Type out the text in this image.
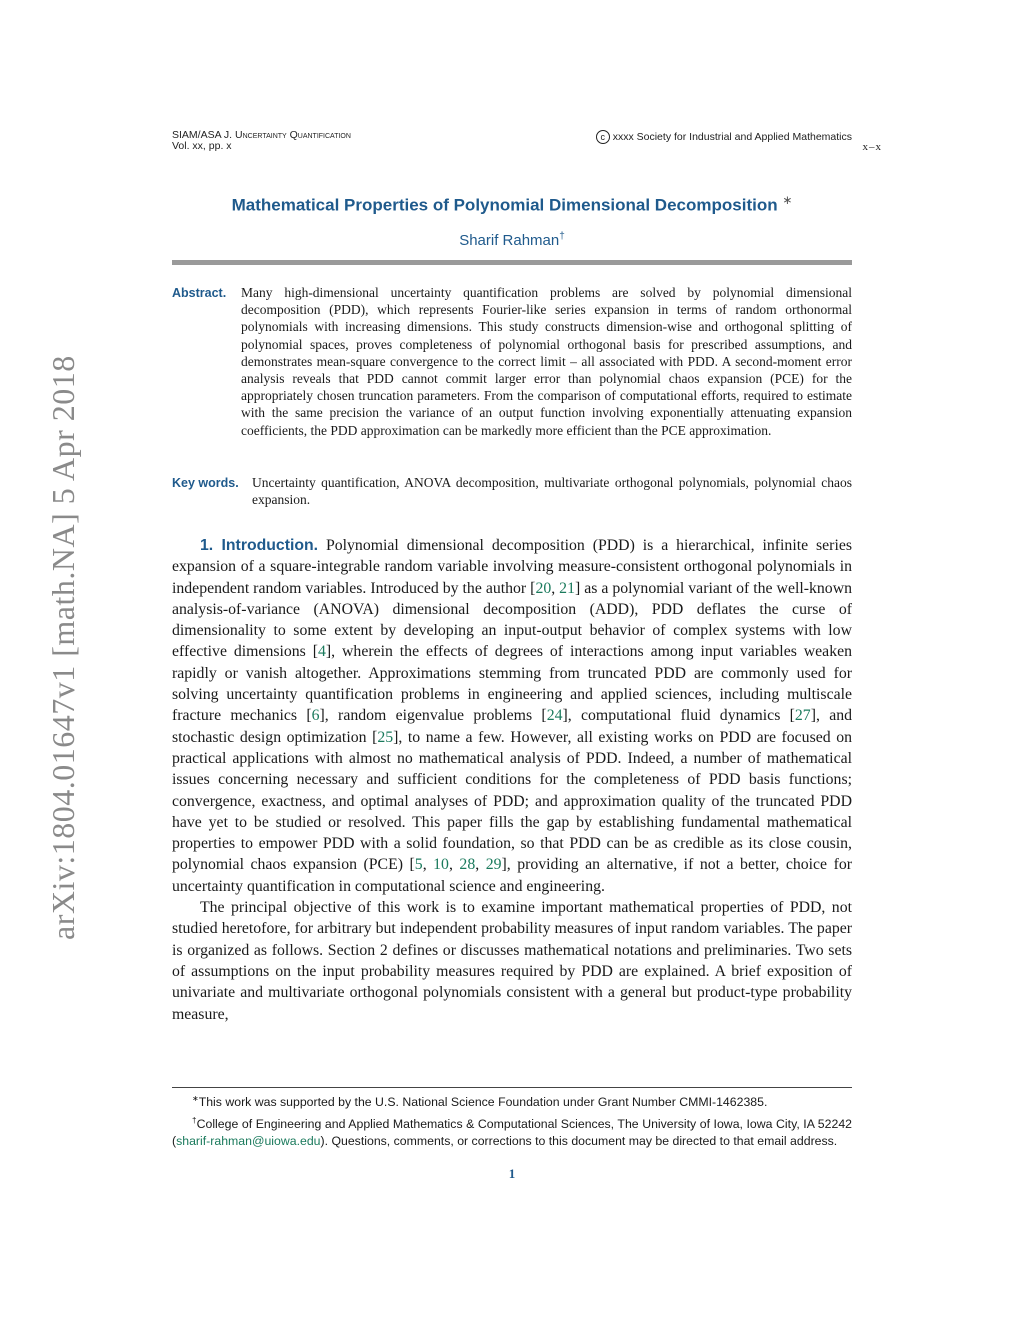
arXiv:1804.01647v1 [math.NA] 5 Apr 2018
SIAM/ASA J. Uncertainty Quantification
Vol. xx, pp. x
c xxxx Society for Industrial and Applied Mathematics
x–x
Mathematical Properties of Polynomial Dimensional Decomposition ∗
Sharif Rahman†
Abstract. Many high-dimensional uncertainty quantification problems are solved by polynomial dimensional decomposition (PDD), which represents Fourier-like series expansion in terms of random orthonormal polynomials with increasing dimensions. This study constructs dimension-wise and orthogonal splitting of polynomial spaces, proves completeness of polynomial orthogonal basis for prescribed assumptions, and demonstrates mean-square convergence to the correct limit – all associated with PDD. A second-moment error analysis reveals that PDD cannot commit larger error than polynomial chaos expansion (PCE) for the appropriately chosen truncation parameters. From the comparison of computational efforts, required to estimate with the same precision the variance of an output function involving exponentially attenuating expansion coefficients, the PDD approximation can be markedly more efficient than the PCE approximation.
Key words. Uncertainty quantification, ANOVA decomposition, multivariate orthogonal polynomials, polynomial chaos expansion.

1. Introduction. Polynomial dimensional decomposition (PDD) is a hierarchical, infinite series expansion of a square-integrable random variable involving measure-consistent orthogonal polynomials in independent random variables. Introduced by the author [20, 21] as a polynomial variant of the well-known analysis-of-variance (ANOVA) dimensional decomposition (ADD), PDD deflates the curse of dimensionality to some extent by developing an input-output behavior of complex systems with low effective dimensions [4], wherein the effects of degrees of interactions among input variables weaken rapidly or vanish altogether. Approximations stemming from truncated PDD are commonly used for solving uncertainty quantification problems in engineering and applied sciences, including multiscale fracture mechanics [6], random eigenvalue problems [24], computational fluid dynamics [27], and stochastic design optimization [25], to name a few. However, all existing works on PDD are focused on practical applications with almost no mathematical analysis of PDD. Indeed, a number of mathematical issues concerning necessary and sufficient conditions for the completeness of PDD basis functions; convergence, exactness, and optimal analyses of PDD; and approximation quality of the truncated PDD have yet to be studied or resolved. This paper fills the gap by establishing fundamental mathematical properties to empower PDD with a solid foundation, so that PDD can be as credible as its close cousin, polynomial chaos expansion (PCE) [5, 10, 28, 29], providing an alternative, if not a better, choice for uncertainty quantification in computational science and engineering.

The principal objective of this work is to examine important mathematical properties of PDD, not studied heretofore, for arbitrary but independent probability measures of input random variables. The paper is organized as follows. Section 2 defines or discusses mathematical notations and preliminaries. Two sets of assumptions on the input probability measures required by PDD are explained. A brief exposition of univariate and multivariate orthogonal polynomials consistent with a general but product-type probability measure,

∗This work was supported by the U.S. National Science Foundation under Grant Number CMMI-1462385.
†College of Engineering and Applied Mathematics & Computational Sciences, The University of Iowa, Iowa City, IA 52242 (sharif-rahman@uiowa.edu). Questions, comments, or corrections to this document may be directed to that email address.
1
